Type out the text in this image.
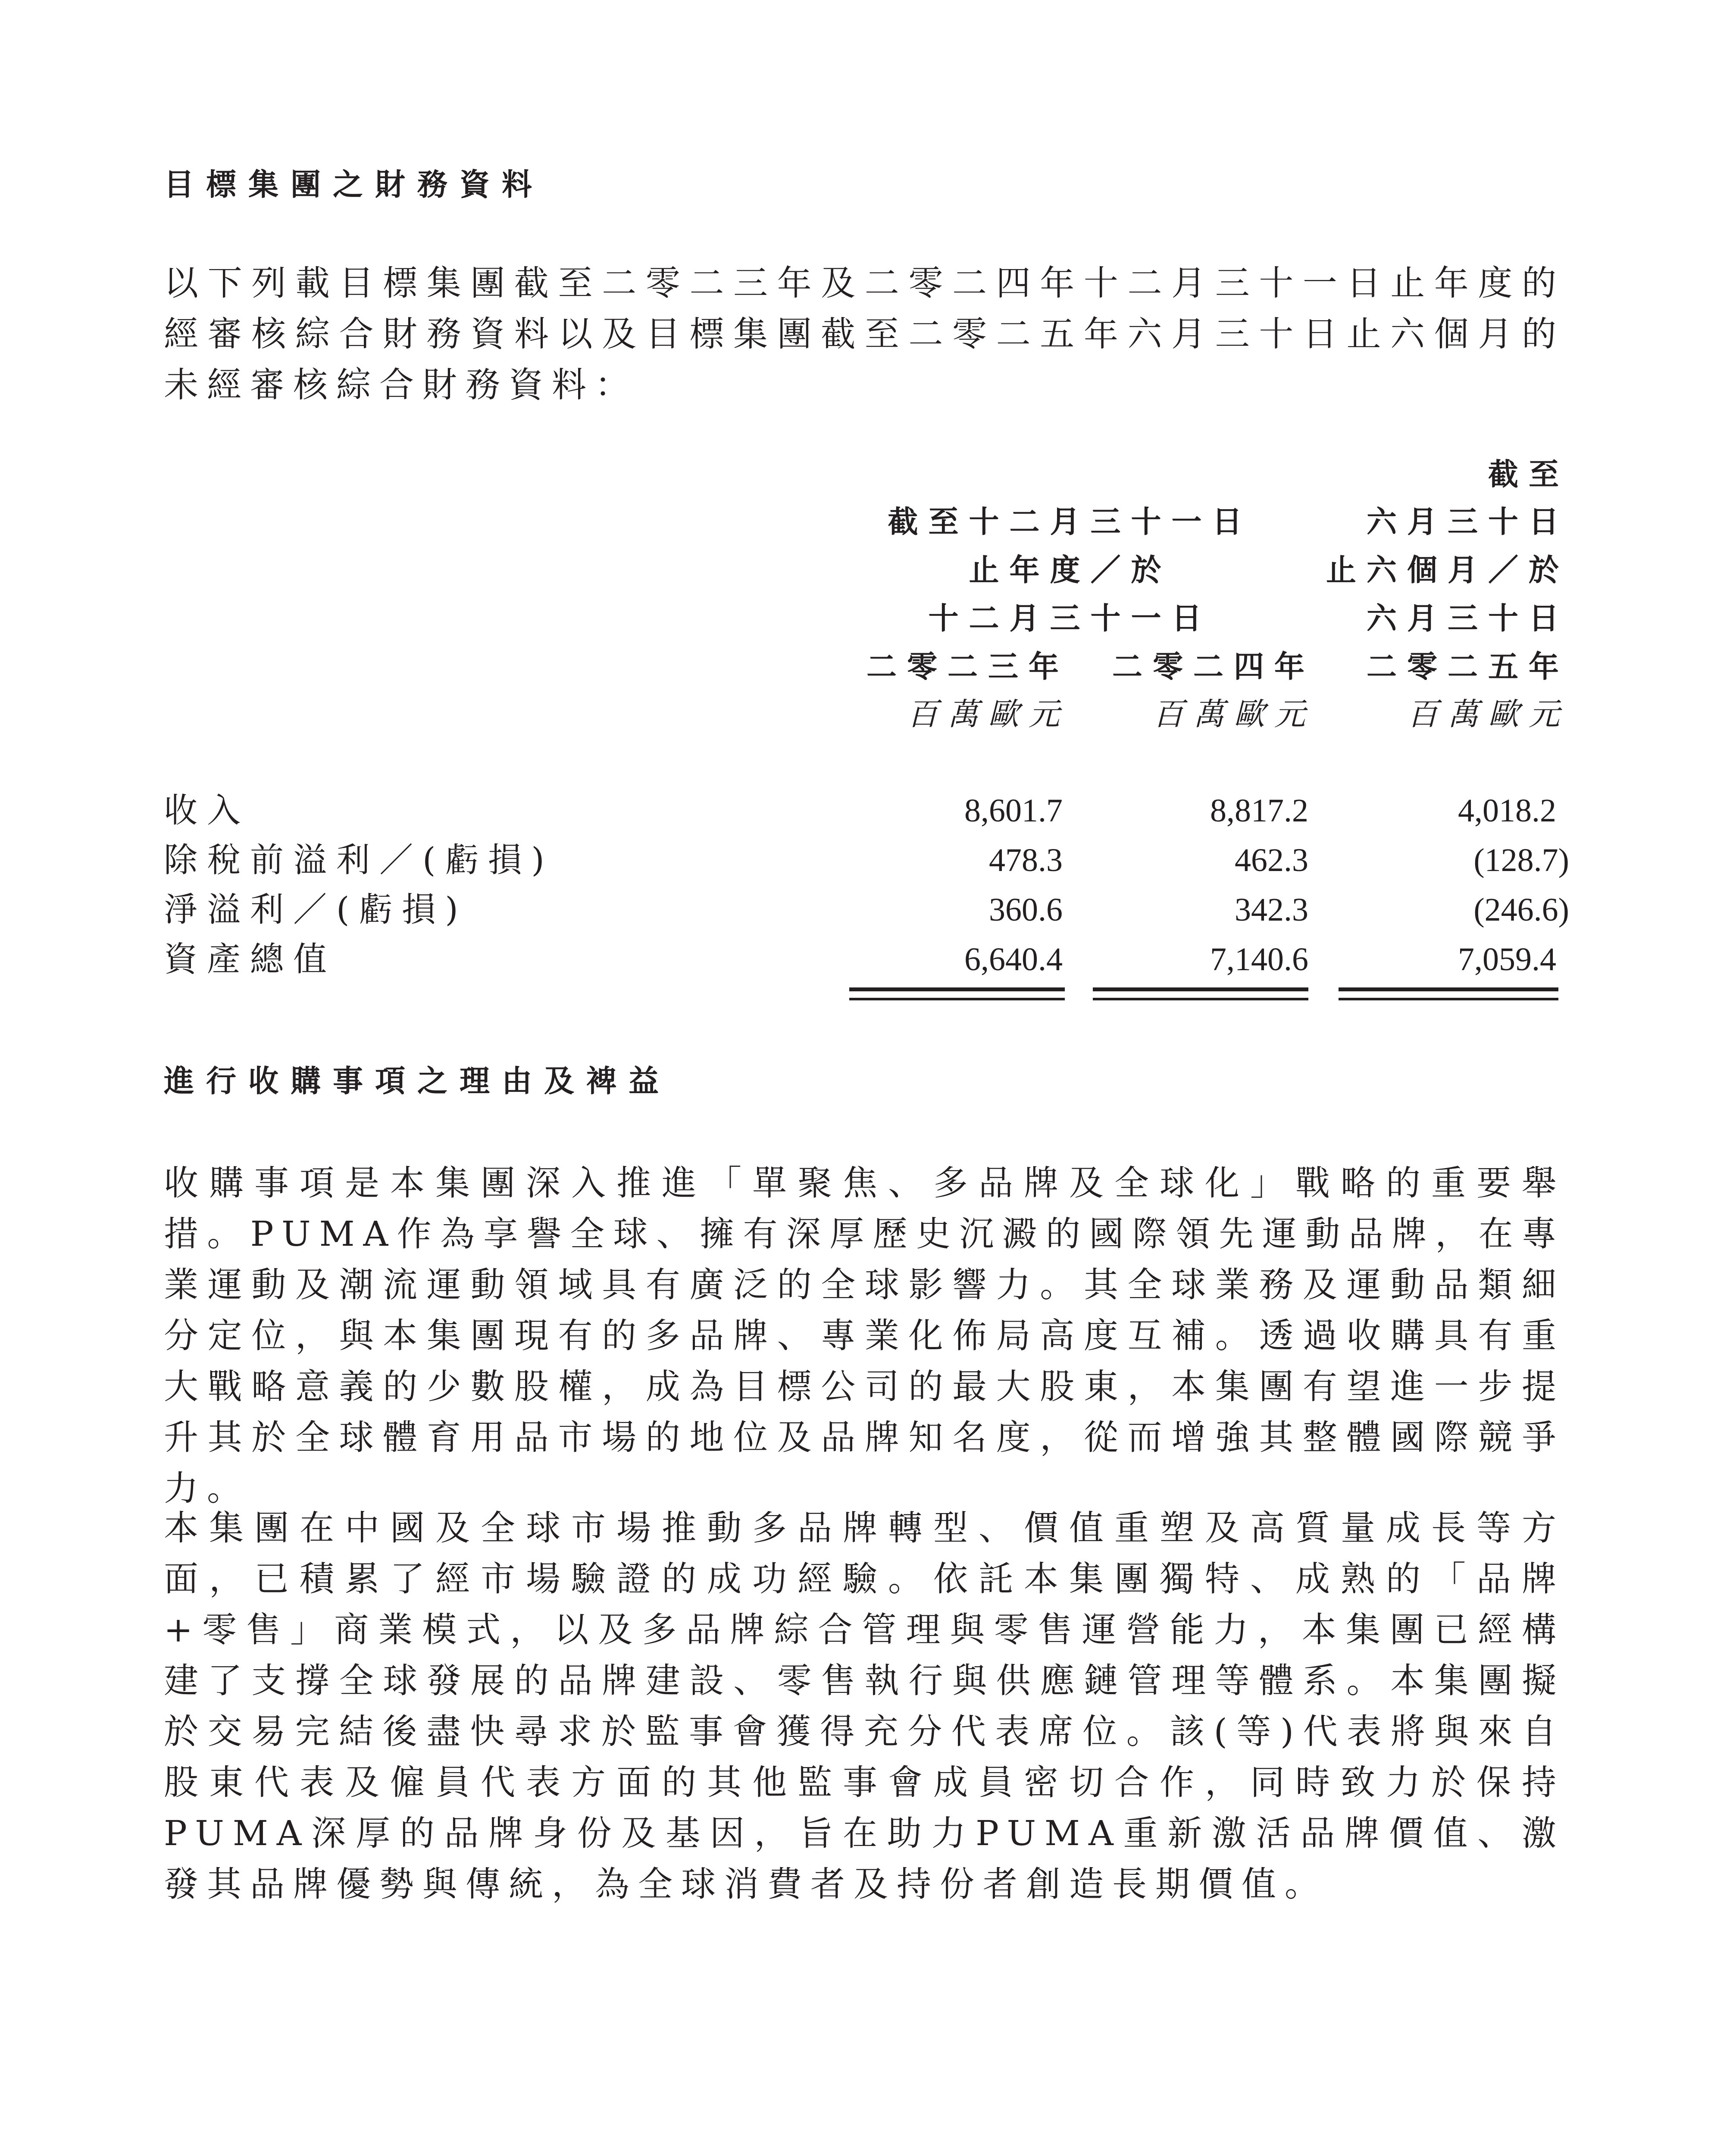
目標集團之財務資料
以下列載目標集團截至二零二三年及二零二四年十二月三十一日止年度的經審核綜合財務資料以及目標集團截至二零二五年六月三十日止六個月的未經審核綜合財務資料：
截至十二月三十一日
止年度／於
十二月三十一日
截至
六月三十日
止六個月／於
六月三十日
二零二三年	二零二四年	二零二五年
百萬歐元	百萬歐元	百萬歐元
收入	8,601.7	8,817.2	4,018.2
除稅前溢利／(虧損)	478.3	462.3	(128.7)
淨溢利／(虧損)	360.6	342.3	(246.6)
資產總值	6,640.4	7,140.6	7,059.4
進行收購事項之理由及裨益
收購事項是本集團深入推進「單聚焦、多品牌及全球化」戰略的重要舉措。PUMA作為享譽全球、擁有深厚歷史沉澱的國際領先運動品牌，在專業運動及潮流運動領域具有廣泛的全球影響力。其全球業務及運動品類細分定位，與本集團現有的多品牌、專業化佈局高度互補。透過收購具有重大戰略意義的少數股權，成為目標公司的最大股東，本集團有望進一步提升其於全球體育用品市場的地位及品牌知名度，從而增強其整體國際競爭力。
本集團在中國及全球市場推動多品牌轉型、價值重塑及高質量成長等方面，已積累了經市場驗證的成功經驗。依託本集團獨特、成熟的「品牌+零售」商業模式，以及多品牌綜合管理與零售運營能力，本集團已經構建了支撐全球發展的品牌建設、零售執行與供應鏈管理等體系。本集團擬於交易完結後盡快尋求於監事會獲得充分代表席位。該(等)代表將與來自股東代表及僱員代表方面的其他監事會成員密切合作，同時致力於保持PUMA深厚的品牌身份及基因，旨在助力PUMA重新激活品牌價值、激發其品牌優勢與傳統，為全球消費者及持份者創造長期價值。
